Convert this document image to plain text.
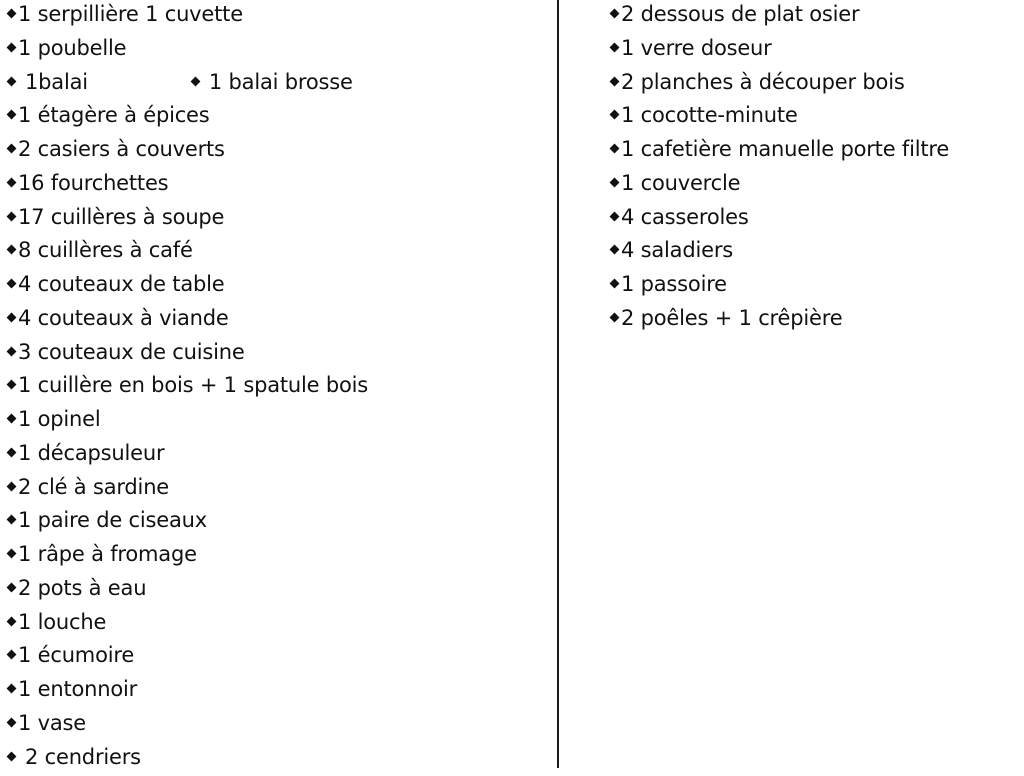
1 serpillière 1 cuvette
1 poubelle
1balai	1 balai brosse
1 étagère à épices
2 casiers à couverts
16 fourchettes
17 cuillères à soupe
8 cuillères à café
4 couteaux de table
4 couteaux à viande
3 couteaux de cuisine
1 cuillère en bois + 1 spatule bois
1 opinel
1 décapsuleur
2 clé à sardine
1 paire de ciseaux
1 râpe à fromage
2 pots à eau
1 louche
1 écumoire
1 entonnoir
1 vase
2 cendriers
2 dessous de plat osier
1 verre doseur
2 planches à découper bois
1 cocotte-minute
1 cafetière manuelle porte filtre
1 couvercle
4 casseroles
4 saladiers
1 passoire
2 poêles + 1 crêpière
